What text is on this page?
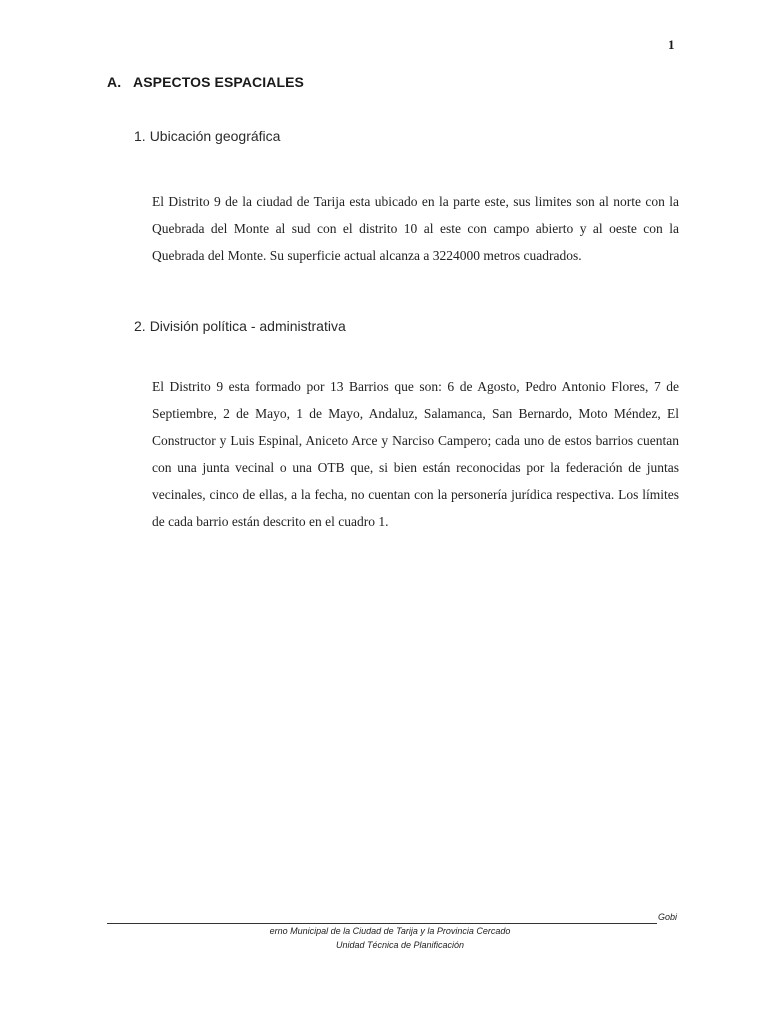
1
A. ASPECTOS ESPACIALES
1. Ubicación geográfica

El Distrito 9 de la ciudad de Tarija esta ubicado en la parte este, sus limites son al norte con la Quebrada del Monte al sud con el distrito 10 al este con campo abierto y al oeste con la Quebrada del Monte. Su superficie actual alcanza a 3224000 metros cuadrados.

2. División política - administrativa

El Distrito 9 esta formado por 13 Barrios que son: 6 de Agosto, Pedro Antonio Flores, 7 de Septiembre, 2 de Mayo, 1 de Mayo, Andaluz, Salamanca, San Bernardo, Moto Méndez, El Constructor y Luis Espinal, Aniceto Arce y Narciso Campero; cada uno de estos barrios cuentan con una junta vecinal o una OTB que, si bien están reconocidas por la federación de juntas vecinales, cinco de ellas, a la fecha, no cuentan con la personería jurídica respectiva. Los límites de cada barrio están descrito en el cuadro 1.

Gobi
erno Municipal de la Ciudad de Tarija y la Provincia Cercado
Unidad Técnica de Planificación
